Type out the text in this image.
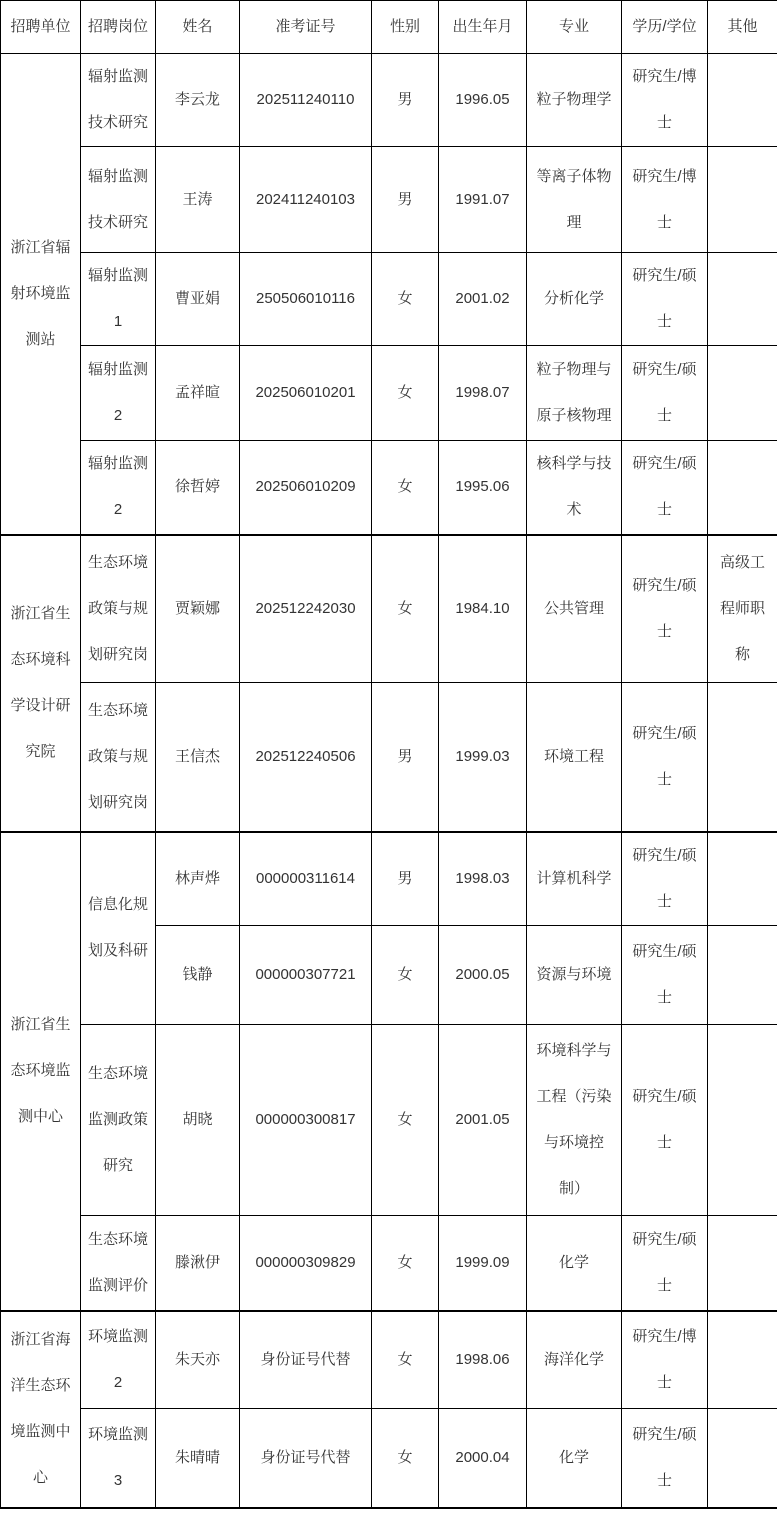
招聘单位	招聘岗位	姓名	准考证号	性别	出生年月	专业	学历/学位	其他
浙江省辐射环境监测站	辐射监测技术研究	李云龙	202511240110	男	1996.05	粒子物理学	研究生/博士	
	辐射监测技术研究	王涛	202411240103	男	1991.07	等离子体物理	研究生/博士	
	辐射监测1	曹亚娟	250506010116	女	2001.02	分析化学	研究生/硕士	
	辐射监测2	孟祥暄	202506010201	女	1998.07	粒子物理与原子核物理	研究生/硕士	
	辐射监测2	徐哲婷	202506010209	女	1995.06	核科学与技术	研究生/硕士	
浙江省生态环境科学设计研究院	生态环境政策与规划研究岗	贾颖娜	202512242030	女	1984.10	公共管理	研究生/硕士	高级工程师职称
	生态环境政策与规划研究岗	王信杰	202512240506	男	1999.03	环境工程	研究生/硕士	
浙江省生态环境监测中心	信息化规划及科研	林声烨	000000311614	男	1998.03	计算机科学	研究生/硕士	
		钱静	000000307721	女	2000.05	资源与环境	研究生/硕士	
	生态环境监测政策研究	胡晓	000000300817	女	2001.05	环境科学与工程（污染与环境控制）	研究生/硕士	
	生态环境监测评价	滕湫伊	000000309829	女	1999.09	化学	研究生/硕士	
浙江省海洋生态环境监测中心	环境监测2	朱天亦	身份证号代替	女	1998.06	海洋化学	研究生/博士	
	环境监测3	朱晴晴	身份证号代替	女	2000.04	化学	研究生/硕士	
